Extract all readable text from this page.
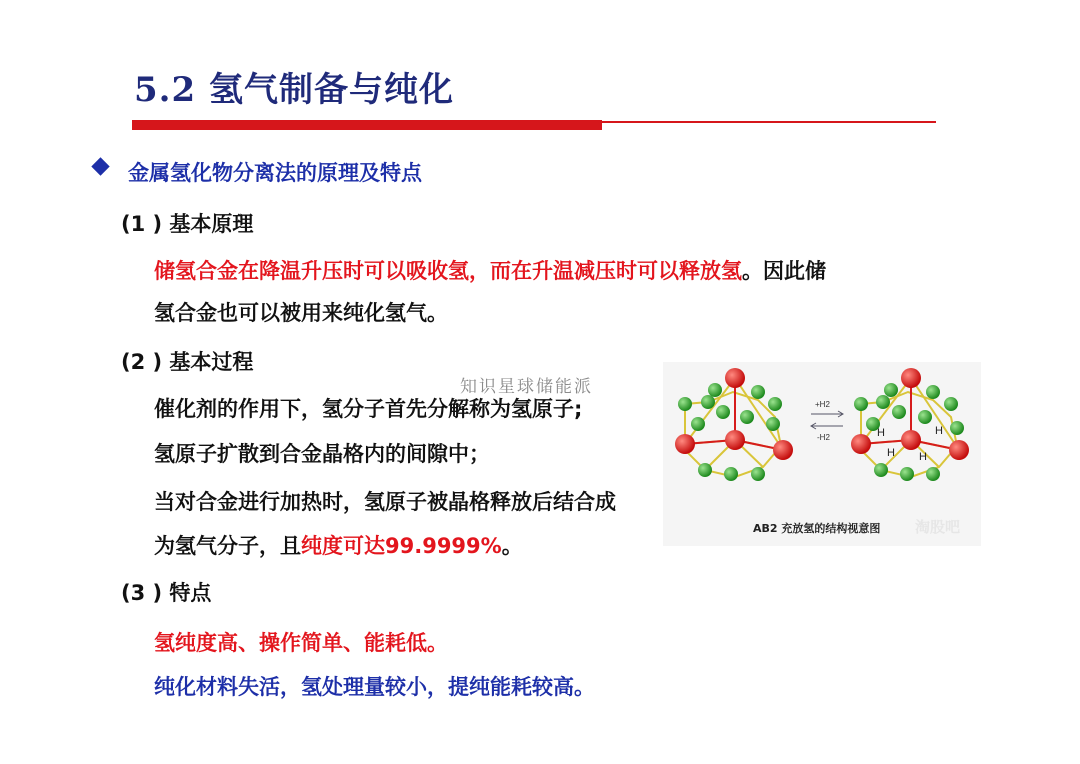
5.2 氢气制备与纯化
金属氢化物分离法的原理及特点
(1 ) 基本原理
储氢合金在降温升压时可以吸收氢，而在升温减压时可以释放氢。因此储
氢合金也可以被用来纯化氢气。
(2 ) 基本过程
知识星球储能派
催化剂的作用下，氢分子首先分解称为氢原子;
氢原子扩散到合金晶格内的间隙中；
当对合金进行加热时，氢原子被晶格释放后结合成
为氢气分子，且纯度可达99.9999%。
(3 ) 特点
氢纯度高、操作简单、能耗低。
纯化材料失活，氢处理量较小，提纯能耗较高。
+H2
-H2	H	H
H H
AB2 充放氢的结构视意图 淘股吧
